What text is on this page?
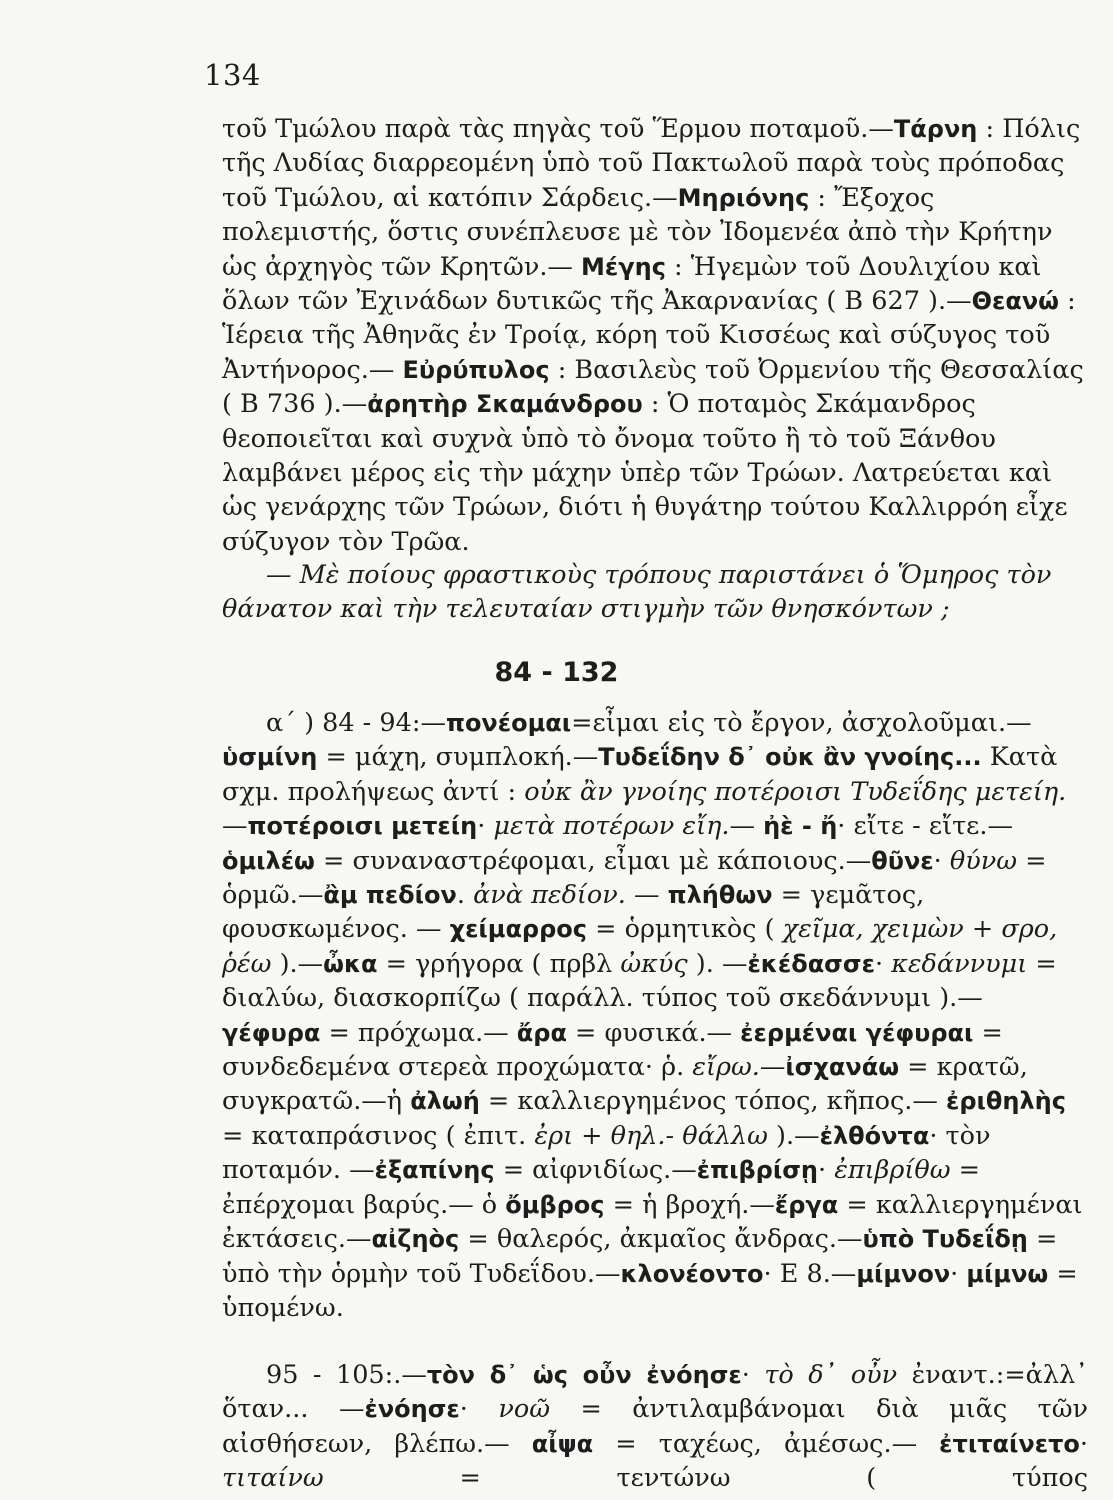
134

τοῦ Τμώλου παρὰ τὰς πηγὰς τοῦ Ἕρμου ποταμοῦ.—Τάρνη : Πόλις τῆς Λυδίας διαρρεομένη ὑπὸ τοῦ Πακτωλοῦ παρὰ τοὺς πρόποδας τοῦ Τμώλου, αἱ κατόπιν Σάρδεις.—Μηριόνης : Ἔξοχος πολεμιστής, ὅστις συνέπλευσε μὲ τὸν Ἰδομενέα ἀπὸ τὴν Κρήτην ὡς ἀρχηγὸς τῶν Κρητῶν.— Μέγης : Ἡγεμὼν τοῦ Δουλιχίου καὶ ὅλων τῶν Ἐχινάδων δυτικῶς τῆς Ἀκαρνανίας ( Β 627 ).—Θεανώ : Ἱέρεια τῆς Ἀθηνᾶς ἐν Τροίᾳ, κόρη τοῦ Κισσέως καὶ σύζυγος τοῦ Ἀντήνορος.— Εὐρύπυλος : Βασιλεὺς τοῦ Ὀρμενίου τῆς Θεσσαλίας ( Β 736 ).—ἀρητὴρ Σκαμάνδρου : Ὁ ποταμὸς Σκάμανδρος θεοποιεῖται καὶ συχνὰ ὑπὸ τὸ ὄνομα τοῦτο ἢ τὸ τοῦ Ξάνθου λαμβάνει μέρος εἰς τὴν μάχην ὑπὲρ τῶν Τρώων. Λατρεύεται καὶ ὡς γενάρχης τῶν Τρώων, διότι ἡ θυγάτηρ τούτου Καλλιρρόη εἶχε σύζυγον τὸν Τρῶα.

— Μὲ ποίους φραστικοὺς τρόπους παριστάνει ὁ Ὅμηρος τὸν θάνατον καὶ τὴν τελευταίαν στιγμὴν τῶν θνησκόντων ;

84 - 132

α΄ ) 84 - 94:—πονέομαι=εἶμαι εἰς τὸ ἔργον, ἀσχολοῦμαι.—ὑσμίνη = μάχη, συμπλοκή.—Τυδεΐδην δ᾽ οὐκ ἂν γνοίης... Κατὰ σχμ. προλήψεως ἀντί : οὐκ ἂν γνοίης ποτέροισι Τυδεΐδης μετείη.—ποτέροισι μετείη· μετὰ ποτέρων εἴη.— ἠὲ - ἤ· εἴτε - εἴτε.—ὁμιλέω = συναναστρέφομαι, εἶμαι μὲ κάποιους.—θῦνε· θύνω = ὁρμῶ.—ἂμ πεδίον. ἀνὰ πεδίον. — πλήθων = γεμᾶτος, φουσκωμένος. — χείμαρρος = ὁρμητικὸς ( χεῖμα, χειμὼν + σρο, ῥέω ).—ὦκα = γρήγορα ( πρβλ ὠκύς ). —ἐκέδασσε· κεδάννυμι = διαλύω, διασκορπίζω ( παράλλ. τύπος τοῦ σκεδάννυμι ).— γέφυρα = πρόχωμα.— ἄρα = φυσικά.— ἐερμέναι γέφυραι = συνδεδεμένα στερεὰ προχώματα· ῥ. εἴρω.—ἰσχανάω = κρατῶ, συγκρατῶ.—ἡ ἀλωή = καλλιεργημένος τόπος, κῆπος.— ἐριθηλὴς = καταπράσινος ( ἐπιτ. ἐρι + θηλ.- θάλλω ).—ἐλθόντα· τὸν ποταμόν. —ἐξαπίνης = αἰφνιδίως.—ἐπιβρίσῃ· ἐπιβρίθω = ἐπέρχομαι βαρύς.— ὁ ὄμβρος = ἡ βροχή.—ἔργα = καλλιεργημέναι ἐκτάσεις.—αἰζηὸς = θαλερός, ἀκμαῖος ἄνδρας.—ὑπὸ Τυδεΐδῃ = ὑπὸ τὴν ὁρμὴν τοῦ Τυδεΐδου.—κλονέοντο· Ε 8.—μίμνον· μίμνω = ὑπομένω.

95 - 105:.—τὸν δ᾽ ὡς οὖν ἐνόησε· τὸ δ᾽ οὖν ἐναντ.:=ἀλλ᾽ ὅταν... —ἐνόησε· νοῶ = ἀντιλαμβάνομαι διὰ μιᾶς τῶν αἰσθήσεων, βλέπω.— αἶψα = ταχέως, ἀμέσως.— ἐτιταίνετο· τιταίνω = τεντώνω ( τύπος
